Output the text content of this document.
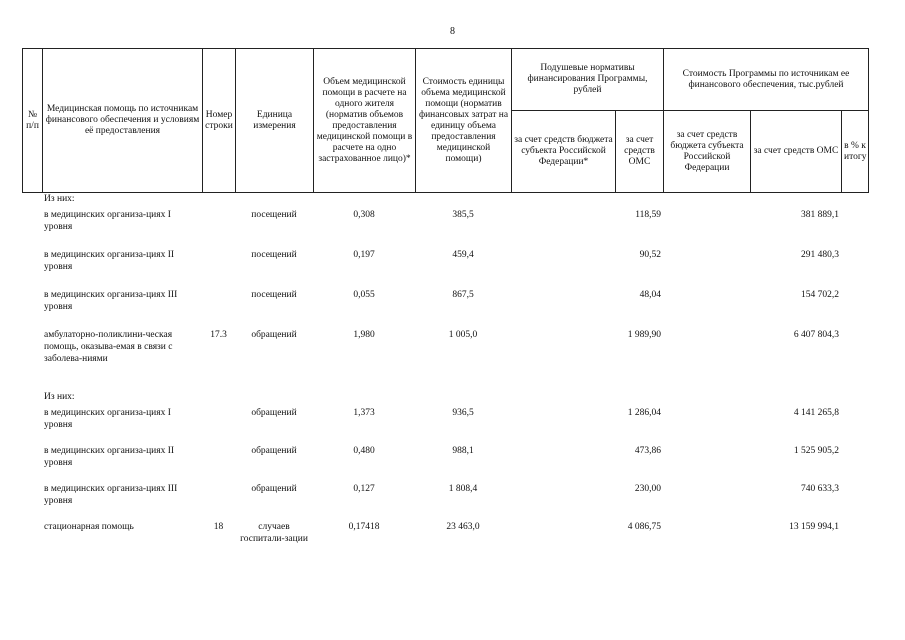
8
№ п/п	Медицинская помощь по источникам финансового обеспечения и условиям её предоставления	Номер строки	Единица измерения	Объем медицинской помощи в расчете на одного жителя (норматив объемов предоставления медицинской помощи в расчете на одно застрахованное лицо)*	Стоимость единицы объема медицинской помощи (норматив финансовых затрат на единицу объема предоставления медицинской помощи)	Подушевые нормативы финансирования Программы, рублей		Стоимость Программы по источникам ее финансового обеспечения, тыс.рублей		
						за счет средств бюджета субъекта Российской Федерации*	за счет средств ОМС	за счет средств бюджета субъекта Российской Федерации	за счет средств ОМС	в % к итогу
	Из них:									
	в медицинских организа-циях I уровня		посещений	0,308	385,5		118,59		381 889,1	
	в медицинских организа-циях II уровня		посещений	0,197	459,4		90,52		291 480,3	
	в медицинских организа-циях III уровня		посещений	0,055	867,5		48,04		154 702,2	
	амбулаторно-поликлини-ческая помощь, оказыва-емая в связи с заболева-ниями	17.3	обращений	1,980	1 005,0		1 989,90		6 407 804,3	
	Из них:									
	в медицинских организа-циях I уровня		обращений	1,373	936,5		1 286,04		4 141 265,8	
	в медицинских организа-циях II уровня		обращений	0,480	988,1		473,86		1 525 905,2	
	в медицинских организа-циях III уровня		обращений	0,127	1 808,4		230,00		740 633,3	
	стационарная помощь	18	случаев госпитали-зации	0,17418	23 463,0		4 086,75		13 159 994,1	
